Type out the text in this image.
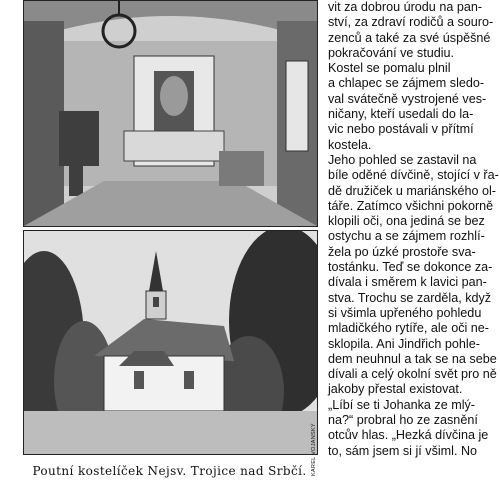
Poutní kostelíček Nejsv. Trojice nad Srbčí. KAREL VOJANSKÝ
vit za dobrou úrodu na pan-
ství, za zdraví rodičů a souro-
zenců a také za své úspěšné
pokračování ve studiu.
Kostel se pomalu plnil
a chlapec se zájmem sledo-
val svátečně vystrojené ves-
ničany, kteří usedali do la-
vic nebo postávali v přítmí
kostela.
Jeho pohled se zastavil na
bíle oděné dívčině, stojící v řa-
dě družiček u mariánského ol-
táře. Zatímco všichni pokorně
klopili oči, ona jediná se bez
ostychu a se zájmem rozhlí-
žela po úzké prostoře sva-
tostánku. Teď se dokonce za-
dívala i směrem k lavici pan-
stva. Trochu se zarděla, když
si všimla upřeného pohledu
mladičkého rytíře, ale oči ne-
sklopila. Ani Jindřich pohle-
dem neuhnul a tak se na sebe
dívali a celý okolní svět pro ně
jakoby přestal existovat.
„Líbí se ti Johanka ze mlý-
na?“ probral ho ze zasnění
otcův hlas. „Hezká dívčina je
to, sám jsem si jí všiml. No
